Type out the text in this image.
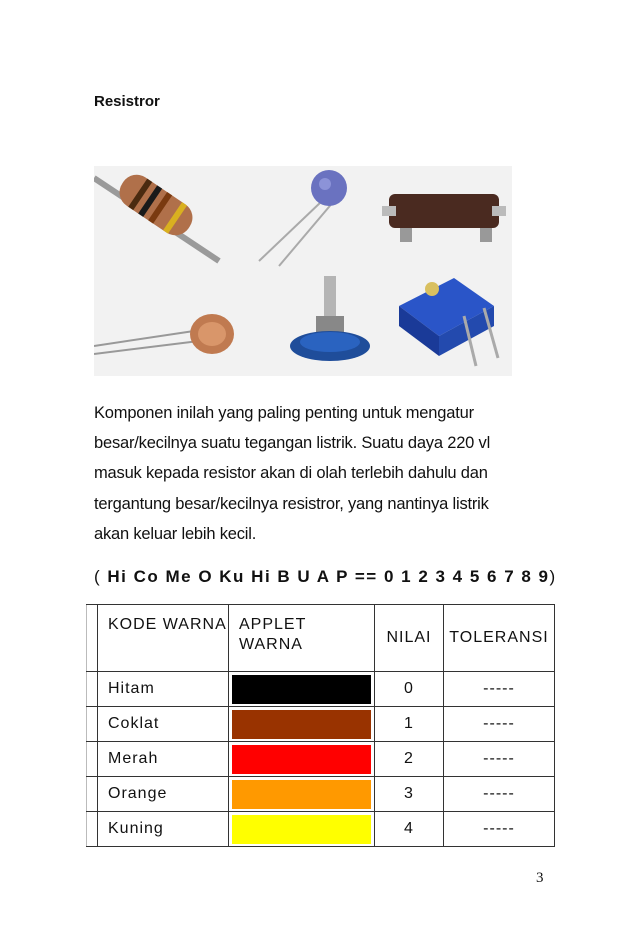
Resistror

Komponen inilah yang paling penting untuk mengatur

besar/kecilnya suatu tegangan listrik. Suatu daya 220 vl

masuk kepada resistor akan di olah terlebih dahulu dan

tergantung besar/kecilnya resistror, yang nantinya listrik

akan keluar lebih kecil.

( Hi Co Me O Ku Hi B U A P == 0 1 2 3 4 5 6 7 8 9)
	KODE WARNA	APPLET WARNA	NILAI	TOLERANSI
	Hitam		0	-----
	Coklat		1	-----
	Merah		2	-----
	Orange		3	-----
	Kuning		4	-----
3
